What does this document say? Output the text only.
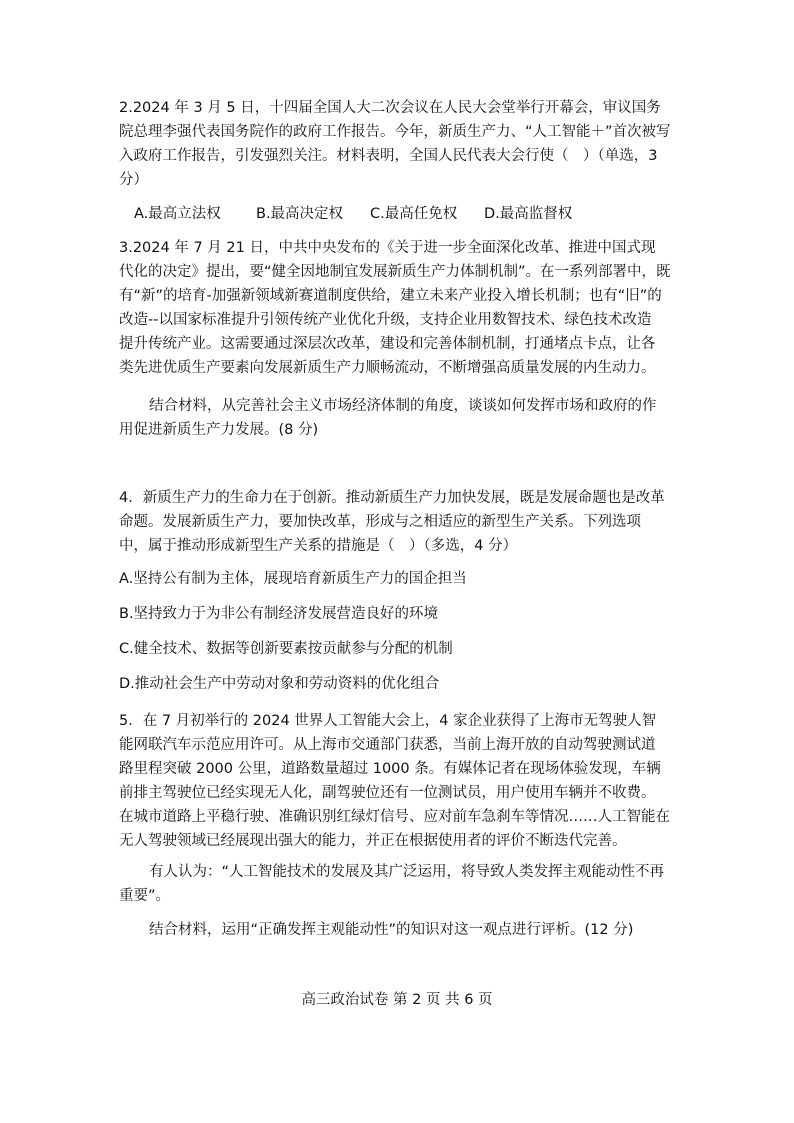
2.2024 年 3 月 5 日，十四届全国人大二次会议在人民大会堂举行开幕会，审议国务
院总理李强代表国务院作的政府工作报告。今年，新质生产力、“人工智能＋”首次被写
入政府工作报告，引发强烈关注。材料表明，全国人民代表大会行使（　）（单选，3
分）
A.最高立法权 B.最高决定权 C.最高任免权 D.最高监督权
3.2024 年 7 月 21 日，中共中央发布的《关于进一步全面深化改革、推进中国式现
代化的决定》提出，要“健全因地制宜发展新质生产力体制机制”。在一系列部署中，既
有“新”的培育-加强新领域新赛道制度供给，建立未来产业投入增长机制；也有“旧”的
改造--以国家标准提升引领传统产业优化升级，支持企业用数智技术、绿色技术改造
提升传统产业。这需要通过深层次改革，建设和完善体制机制，打通堵点卡点，让各
类先进优质生产要素向发展新质生产力顺畅流动，不断增强高质量发展的内生动力。
结合材料，从完善社会主义市场经济体制的角度，谈谈如何发挥市场和政府的作
用促进新质生产力发展。(8 分)
4．新质生产力的生命力在于创新。推动新质生产力加快发展，既是发展命题也是改革
命题。发展新质生产力，要加快改革，形成与之相适应的新型生产关系。下列选项
中，属于推动形成新型生产关系的措施是（　）（多选，4 分）
A.坚持公有制为主体，展现培育新质生产力的国企担当
B.坚持致力于为非公有制经济发展营造良好的环境
C.健全技术、数据等创新要素按贡献参与分配的机制
D.推动社会生产中劳动对象和劳动资料的优化组合
5．在 7 月初举行的 2024 世界人工智能大会上，4 家企业获得了上海市无驾驶人智
能网联汽车示范应用许可。从上海市交通部门获悉，当前上海开放的自动驾驶测试道
路里程突破 2000 公里，道路数量超过 1000 条。有媒体记者在现场体验发现，车辆
前排主驾驶位已经实现无人化，副驾驶位还有一位测试员，用户使用车辆并不收费。
在城市道路上平稳行驶、准确识别红绿灯信号、应对前车急刹车等情况……人工智能在
无人驾驶领域已经展现出强大的能力，并正在根据使用者的评价不断迭代完善。
有人认为：“人工智能技术的发展及其广泛运用，将导致人类发挥主观能动性不再
重要”。
结合材料，运用“正确发挥主观能动性”的知识对这一观点进行评析。(12 分)
高三政治试卷 第 2 页 共 6 页
